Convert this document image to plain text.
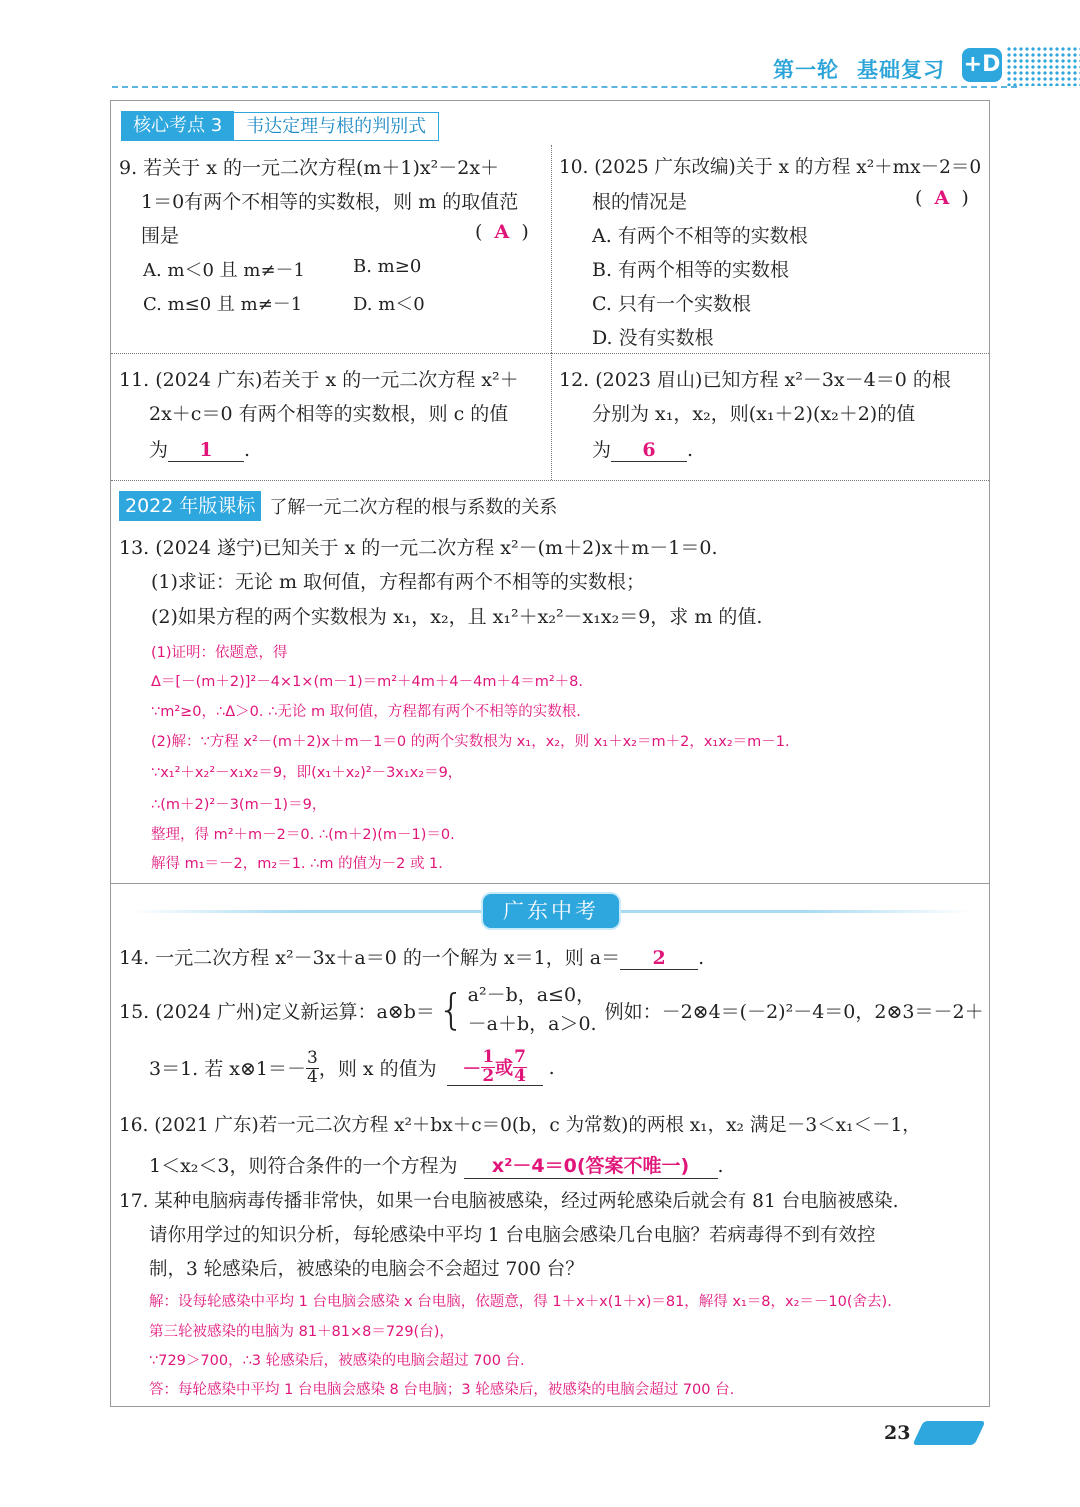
第一轮 基础复习 +D
核心考点 3	韦达定理与根的判别式
9. 若关于 x 的一元二次方程(m＋1)x²－2x＋
1＝0有两个不相等的实数根，则 m 的取值范
围是	(  A  )
A. m＜0 且 m≠－1	B. m≥0
C. m≤0 且 m≠－1	D. m＜0
10. (2025 广东改编)关于 x 的方程 x²＋mx－2＝0
根的情况是	(  A  )
A. 有两个不相等的实数根
B. 有两个相等的实数根
C. 只有一个实数根
D. 没有实数根
11. (2024 广东)若关于 x 的一元二次方程 x²＋
2x＋c＝0 有两个相等的实数根，则 c 的值
为 1 .
12. (2023 眉山)已知方程 x²－3x－4＝0 的根
分别为 x₁，x₂，则(x₁＋2)(x₂＋2)的值
为 6 .
2022 年版课标 了解一元二次方程的根与系数的关系
13. (2024 遂宁)已知关于 x 的一元二次方程 x²－(m＋2)x＋m－1＝0.
(1)求证：无论 m 取何值，方程都有两个不相等的实数根；
(2)如果方程的两个实数根为 x₁，x₂，且 x₁²＋x₂²－x₁x₂＝9，求 m 的值.
(1)证明：依题意，得
Δ＝[－(m＋2)]²－4×1×(m－1)＝m²＋4m＋4－4m＋4＝m²＋8.
∵m²≥0，∴Δ＞0. ∴无论 m 取何值，方程都有两个不相等的实数根.
(2)解：∵方程 x²－(m＋2)x＋m－1＝0 的两个实数根为 x₁，x₂，则 x₁＋x₂＝m＋2，x₁x₂＝m－1.
∵x₁²＋x₂²－x₁x₂＝9，即(x₁＋x₂)²－3x₁x₂＝9，
∴(m＋2)²－3(m－1)＝9，
整理，得 m²＋m－2＝0. ∴(m＋2)(m－1)＝0.
解得 m₁＝－2，m₂＝1. ∴m 的值为－2 或 1.
广东中考
14. 一元二次方程 x²－3x＋a＝0 的一个解为 x＝1，则 a＝ 2 .
15. (2024 广州)定义新运算：a⊗b＝ { a²－b，a≤0，
－a＋b，a＞0.
例如：－2⊗4＝(－2)²－4＝0，2⊗3＝－2＋
3＝1. 若 x⊗1＝－ $\frac{3}{4}$ ，则 x 的值为 － $\frac{1}{2}$ 或 $\frac{7}{4}$ .
16. (2021 广东)若一元二次方程 x²＋bx＋c＝0(b，c 为常数)的两根 x₁，x₂ 满足－3＜x₁＜－1，
1＜x₂＜3，则符合条件的一个方程为 x²－4＝0(答案不唯一) .
17. 某种电脑病毒传播非常快，如果一台电脑被感染，经过两轮感染后就会有 81 台电脑被感染.
请你用学过的知识分析，每轮感染中平均 1 台电脑会感染几台电脑？若病毒得不到有效控
制，3 轮感染后，被感染的电脑会不会超过 700 台？
解：设每轮感染中平均 1 台电脑会感染 x 台电脑，依题意，得 1＋x＋x(1＋x)＝81，解得 x₁＝8，x₂＝－10(舍去).
第三轮被感染的电脑为 81＋81×8＝729(台)，
∵729＞700，∴3 轮感染后，被感染的电脑会超过 700 台.
答：每轮感染中平均 1 台电脑会感染 8 台电脑；3 轮感染后，被感染的电脑会超过 700 台.
23
